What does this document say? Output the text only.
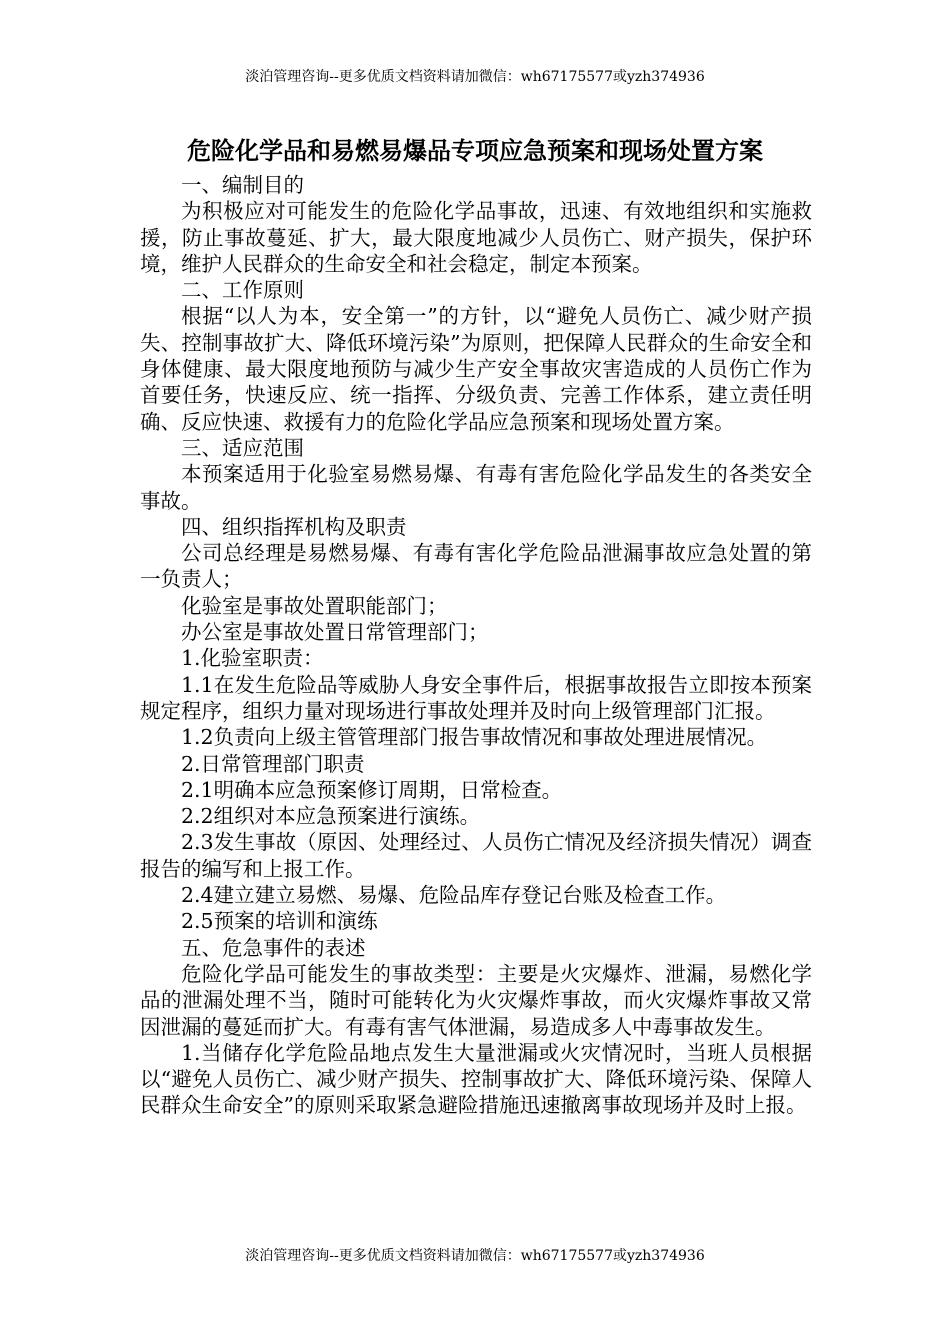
淡泊管理咨询--更多优质文档资料请加微信：wh67175577或yzh374936
危险化学品和易燃易爆品专项应急预案和现场处置方案

一、编制目的

为积极应对可能发生的危险化学品事故，迅速、有效地组织和实施救援，防止事故蔓延、扩大，最大限度地减少人员伤亡、财产损失，保护环境，维护人民群众的生命安全和社会稳定，制定本预案。

二、工作原则

根据“以人为本，安全第一”的方针，以“避免人员伤亡、减少财产损失、控制事故扩大、降低环境污染”为原则，把保障人民群众的生命安全和身体健康、最大限度地预防与减少生产安全事故灾害造成的人员伤亡作为首要任务，快速反应、统一指挥、分级负责、完善工作体系，建立责任明确、反应快速、救援有力的危险化学品应急预案和现场处置方案。

三、适应范围

本预案适用于化验室易燃易爆、有毒有害危险化学品发生的各类安全事故。

四、组织指挥机构及职责

公司总经理是易燃易爆、有毒有害化学危险品泄漏事故应急处置的第一负责人；

化验室是事故处置职能部门；

办公室是事故处置日常管理部门；

1.化验室职责：

1.1在发生危险品等威胁人身安全事件后，根据事故报告立即按本预案规定程序，组织力量对现场进行事故处理并及时向上级管理部门汇报。

1.2负责向上级主管管理部门报告事故情况和事故处理进展情况。

2.日常管理部门职责

2.1明确本应急预案修订周期，日常检查。

2.2组织对本应急预案进行演练。

2.3发生事故（原因、处理经过、人员伤亡情况及经济损失情况）调查报告的编写和上报工作。

2.4建立建立易燃、易爆、危险品库存登记台账及检查工作。

2.5预案的培训和演练

五、危急事件的表述

危险化学品可能发生的事故类型：主要是火灾爆炸、泄漏，易燃化学品的泄漏处理不当，随时可能转化为火灾爆炸事故，而火灾爆炸事故又常因泄漏的蔓延而扩大。有毒有害气体泄漏，易造成多人中毒事故发生。

1.当储存化学危险品地点发生大量泄漏或火灾情况时，当班人员根据以“避免人员伤亡、减少财产损失、控制事故扩大、降低环境污染、保障人民群众生命安全”的原则采取紧急避险措施迅速撤离事故现场并及时上报。

淡泊管理咨询--更多优质文档资料请加微信：wh67175577或yzh374936
